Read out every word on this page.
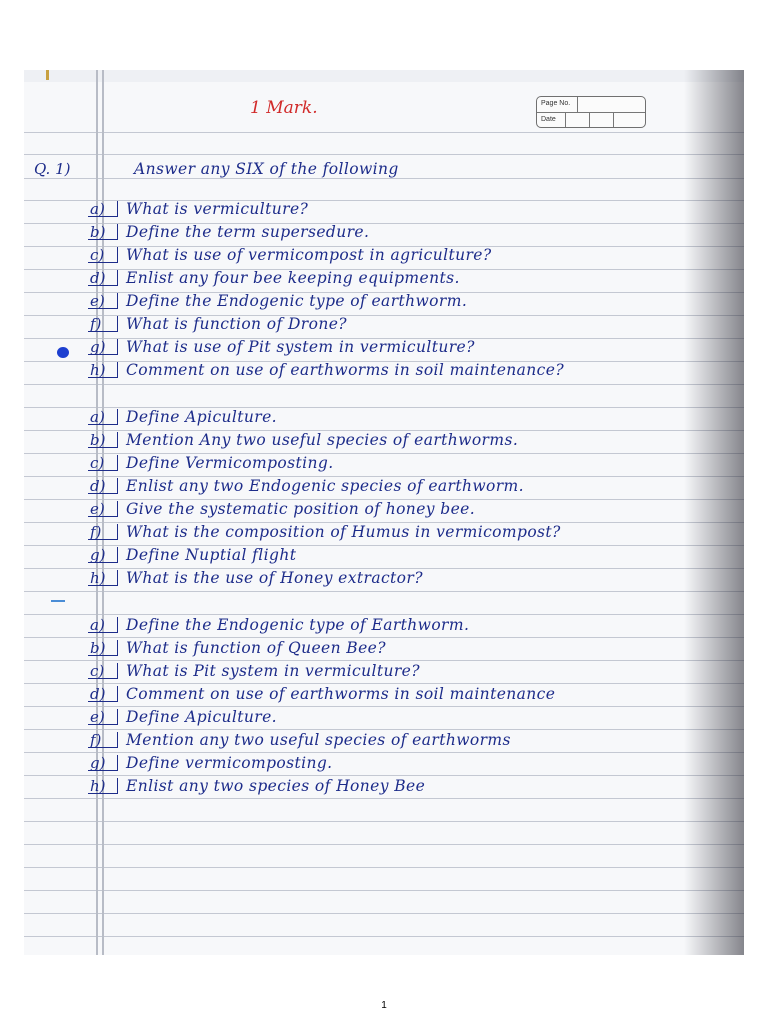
Page No.
Date
1 Mark.
Q. 1)	Answer any SIX of the following
a)	What is vermiculture?
b)	Define the term supersedure.
c)	What is use of vermicompost in agriculture?
d)	Enlist any four bee keeping equipments.
e)	Define the Endogenic type of earthworm.
f)	What is function of Drone?
g)	What is use of Pit system in vermiculture?
h)	Comment on use of earthworms in soil maintenance?
a)	Define Apiculture.
b)	Mention Any two useful species of earthworms.
c)	Define Vermicomposting.
d)	Enlist any two Endogenic species of earthworm.
e)	Give the systematic position of honey bee.
f)	What is the composition of Humus in vermicompost?
g)	Define Nuptial flight
h)	What is the use of Honey extractor?
a)	Define the Endogenic type of Earthworm.
b)	What is function of Queen Bee?
c)	What is Pit system in vermiculture?
d)	Comment on use of earthworms in soil maintenance
e)	Define Apiculture.
f)	Mention any two useful species of earthworms
g)	Define vermicomposting.
h)	Enlist any two species of Honey Bee
1
